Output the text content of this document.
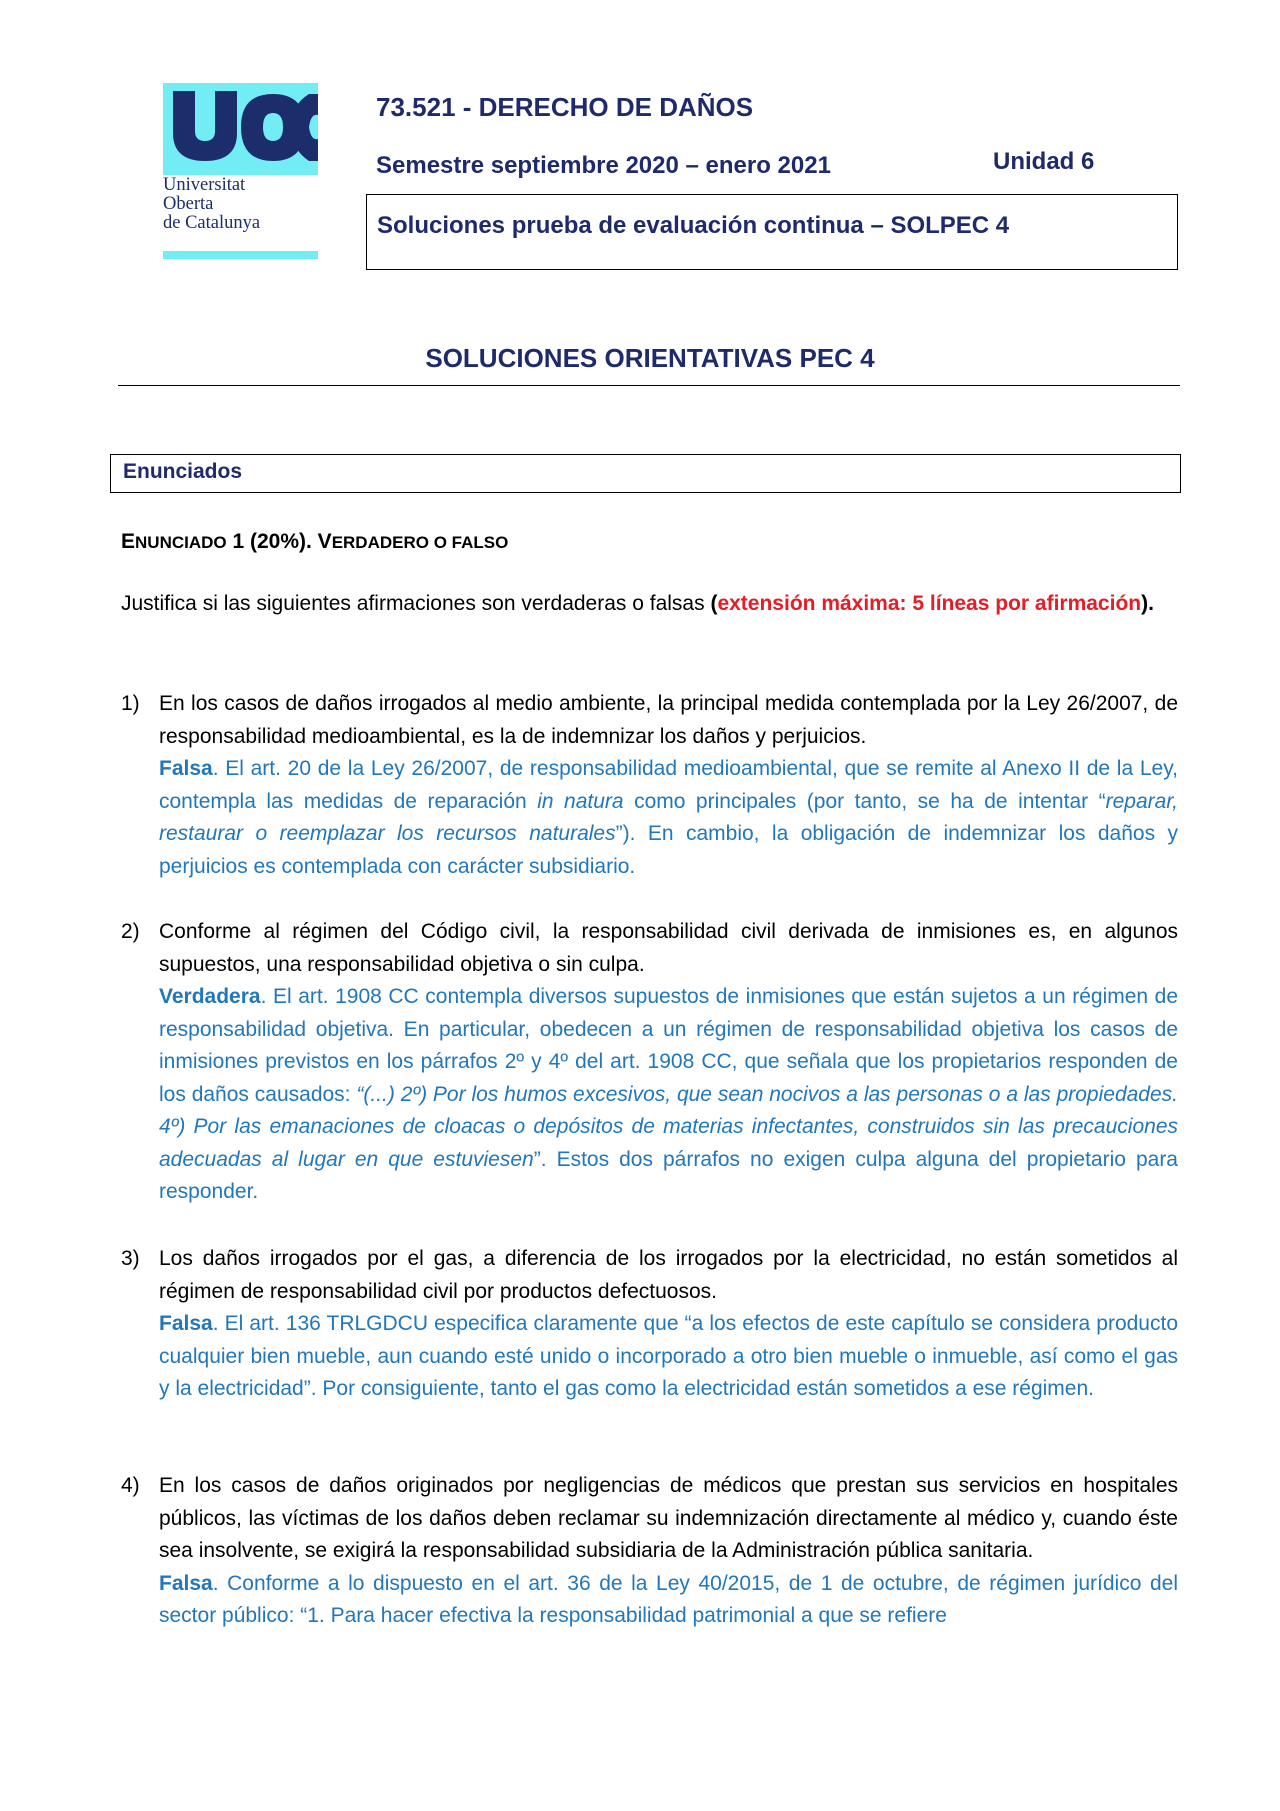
Universitat
Oberta
de Catalunya
73.521 - DERECHO DE DAÑOS
Semestre septiembre 2020 – enero 2021	Unidad 6
Soluciones prueba de evaluación continua – SOLPEC 4
SOLUCIONES ORIENTATIVAS PEC 4
Enunciados
ENUNCIADO 1 (20%). VERDADERO O FALSO
Justifica si las siguientes afirmaciones son verdaderas o falsas (extensión máxima: 5 líneas por afirmación).
1) En los casos de daños irrogados al medio ambiente, la principal medida contemplada por la Ley 26/2007, de responsabilidad medioambiental, es la de indemnizar los daños y perjuicios.
Falsa. El art. 20 de la Ley 26/2007, de responsabilidad medioambiental, que se remite al Anexo II de la Ley, contempla las medidas de reparación in natura como principales (por tanto, se ha de intentar “reparar, restaurar o reemplazar los recursos naturales”). En cambio, la obligación de indemnizar los daños y perjuicios es contemplada con carácter subsidiario.
2) Conforme al régimen del Código civil, la responsabilidad civil derivada de inmisiones es, en algunos supuestos, una responsabilidad objetiva o sin culpa.
Verdadera. El art. 1908 CC contempla diversos supuestos de inmisiones que están sujetos a un régimen de responsabilidad objetiva. En particular, obedecen a un régimen de responsabilidad objetiva los casos de inmisiones previstos en los párrafos 2º y 4º del art. 1908 CC, que señala que los propietarios responden de los daños causados: “(...) 2º) Por los humos excesivos, que sean nocivos a las personas o a las propiedades. 4º) Por las emanaciones de cloacas o depósitos de materias infectantes, construidos sin las precauciones adecuadas al lugar en que estuviesen”. Estos dos párrafos no exigen culpa alguna del propietario para responder.
3) Los daños irrogados por el gas, a diferencia de los irrogados por la electricidad, no están sometidos al régimen de responsabilidad civil por productos defectuosos.
Falsa. El art. 136 TRLGDCU especifica claramente que “a los efectos de este capítulo se considera producto cualquier bien mueble, aun cuando esté unido o incorporado a otro bien mueble o inmueble, así como el gas y la electricidad”. Por consiguiente, tanto el gas como la electricidad están sometidos a ese régimen.
4) En los casos de daños originados por negligencias de médicos que prestan sus servicios en hospitales públicos, las víctimas de los daños deben reclamar su indemnización directamente al médico y, cuando éste sea insolvente, se exigirá la responsabilidad subsidiaria de la Administración pública sanitaria.
Falsa. Conforme a lo dispuesto en el art. 36 de la Ley 40/2015, de 1 de octubre, de régimen jurídico del sector público: “1. Para hacer efectiva la responsabilidad patrimonial a que se refiere
